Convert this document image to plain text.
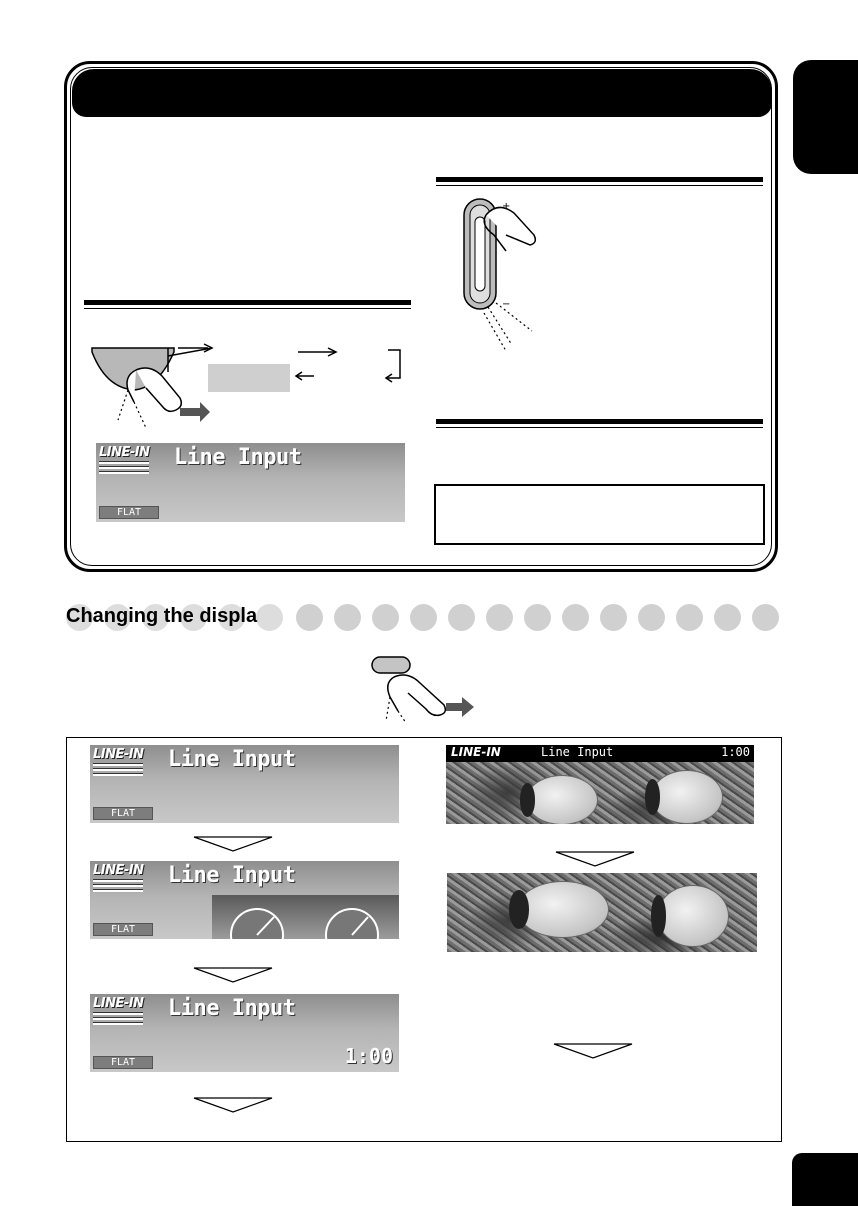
+
−
LINE-IN Line Input
FLAT
Changing the displa
LINE-IN Line Input
FLAT
LINE-IN Line Input
FLAT
LINE-IN Line Input
FLAT	1:00
LINE-IN	Line Input	1:00
